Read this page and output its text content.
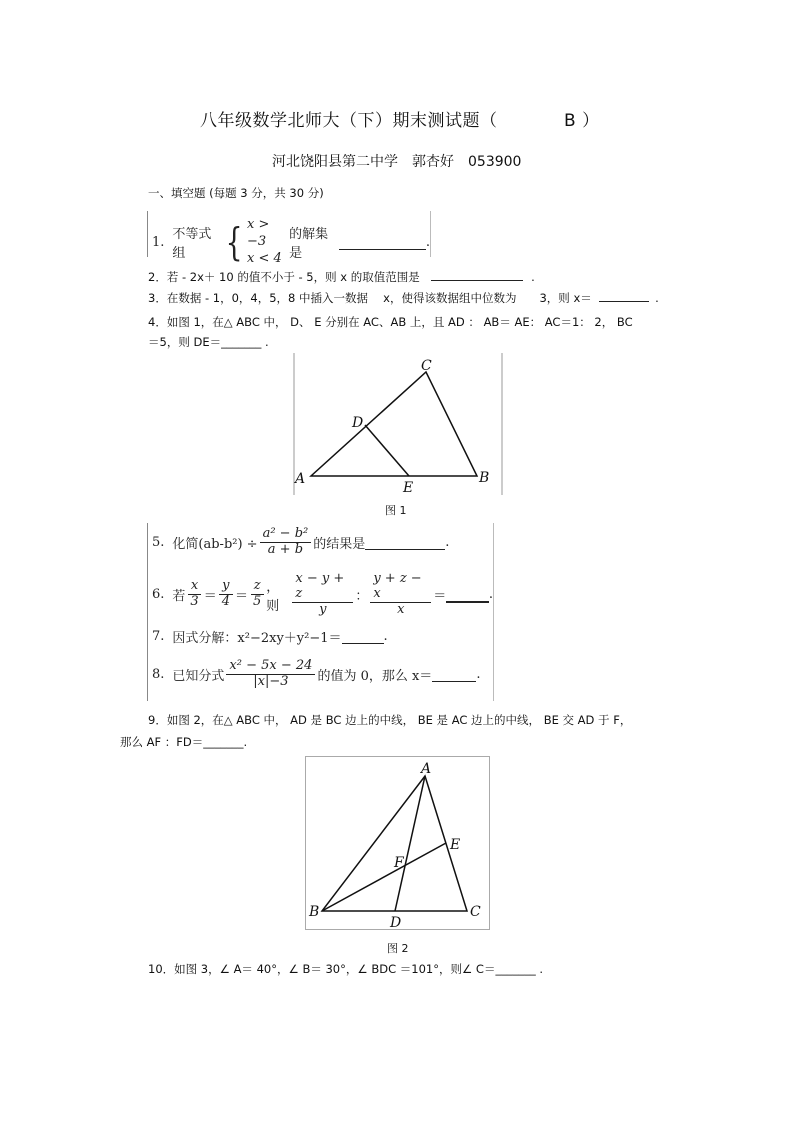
八年级数学北师大（下）期末测试题（	B ）
河北饶阳县第二中学　郭杏好　053900
一、填空题 (每题 3 分，共 30 分)
1. 不等式组	{ x > −3
x < 4
的解集是
.
2．若 - 2x＋ 10 的值不小于 - 5，则 x 的取值范围是	.
3．在数据 - 1，0，4，5，8 中插入一数据　 x，使得该数据组中位数为　　3，则 x＝	.
4．如图 1，在△ ABC 中， D、 E 分别在 AC、AB 上，且 AD ： AB＝ AE： AC＝1： 2， BC
＝5，则 DE＝_______ .
A	B
C
D
E
图 1
5. 化简$(ab-b^2) \div \frac{\text{a² − b²}}{a + b}$ 的结果是	.
6. 若 $\frac{x}{3} = \frac{y}{4} = \frac{z}{5}$ ，则	$\frac{x - y + z}{y}$ ： $\frac{y + z - x}{x}$ ＝	.
7. 因式分解：x²−2xy＋y²−1＝	.
8. 已知分式 $\frac{\text{x² − 5x − 24}}{|x|-3}$ 的值为 0，那么 x＝	.
9．如图 2，在△ ABC 中， AD 是 BC 边上的中线， BE 是 AC 边上的中线， BE 交 AD 于 F，
那么 AF ：FD＝_______.
A
B	C
D
E
F
图 2
10．如图 3，∠ A＝ 40°，∠ B＝ 30°，∠ BDC ＝101°，则∠ C＝_______ .
